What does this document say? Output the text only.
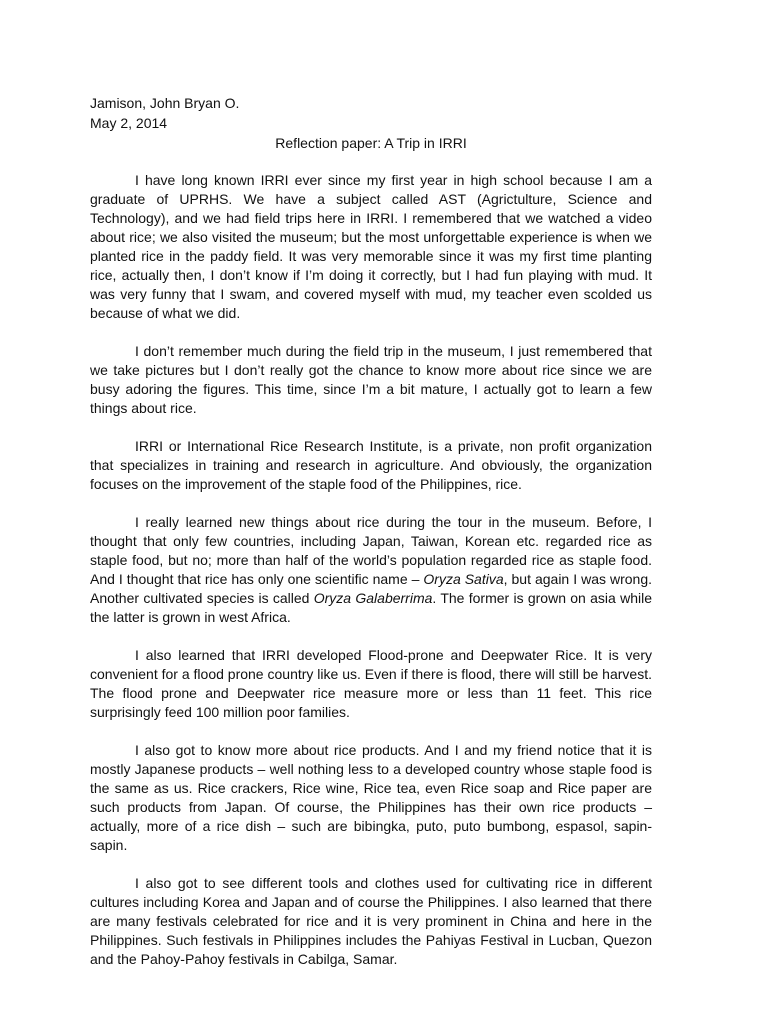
Jamison, John Bryan O.

May 2, 2014

Reflection paper: A Trip in IRRI

I have long known IRRI ever since my first year in high school because I am a graduate of UPRHS. We have a subject called AST (Agrictulture, Science and Technology), and we had field trips here in IRRI. I remembered that we watched a video about rice; we also visited the museum; but the most unforgettable experience is when we planted rice in the paddy field. It was very memorable since it was my first time planting rice, actually then, I don’t know if I’m doing it correctly, but I had fun playing with mud. It was very funny that I swam, and covered myself with mud, my teacher even scolded us because of what we did.

I don’t remember much during the field trip in the museum, I just remembered that we take pictures but I don’t really got the chance to know more about rice since we are busy adoring the figures. This time, since I’m a bit mature, I actually got to learn a few things about rice.

IRRI or International Rice Research Institute, is a private, non profit organization that specializes in training and research in agriculture. And obviously, the organization focuses on the improvement of the staple food of the Philippines, rice.

I really learned new things about rice during the tour in the museum. Before, I thought that only few countries, including Japan, Taiwan, Korean etc. regarded rice as staple food, but no; more than half of the world’s population regarded rice as staple food. And I thought that rice has only one scientific name – Oryza Sativa, but again I was wrong. Another cultivated species is called Oryza Galaberrima. The former is grown on asia while the latter is grown in west Africa.

I also learned that IRRI developed Flood-prone and Deepwater Rice. It is very convenient for a flood prone country like us. Even if there is flood, there will still be harvest. The flood prone and Deepwater rice measure more or less than 11 feet. This rice surprisingly feed 100 million poor families.

I also got to know more about rice products. And I and my friend notice that it is mostly Japanese products – well nothing less to a developed country whose staple food is the same as us. Rice crackers, Rice wine, Rice tea, even Rice soap and Rice paper are such products from Japan. Of course, the Philippines has their own rice products – actually, more of a rice dish – such are bibingka, puto, puto bumbong, espasol, sapin-sapin.

I also got to see different tools and clothes used for cultivating rice in different cultures including Korea and Japan and of course the Philippines. I also learned that there are many festivals celebrated for rice and it is very prominent in China and here in the Philippines. Such festivals in Philippines includes the Pahiyas Festival in Lucban, Quezon and the Pahoy-Pahoy festivals in Cabilga, Samar.
